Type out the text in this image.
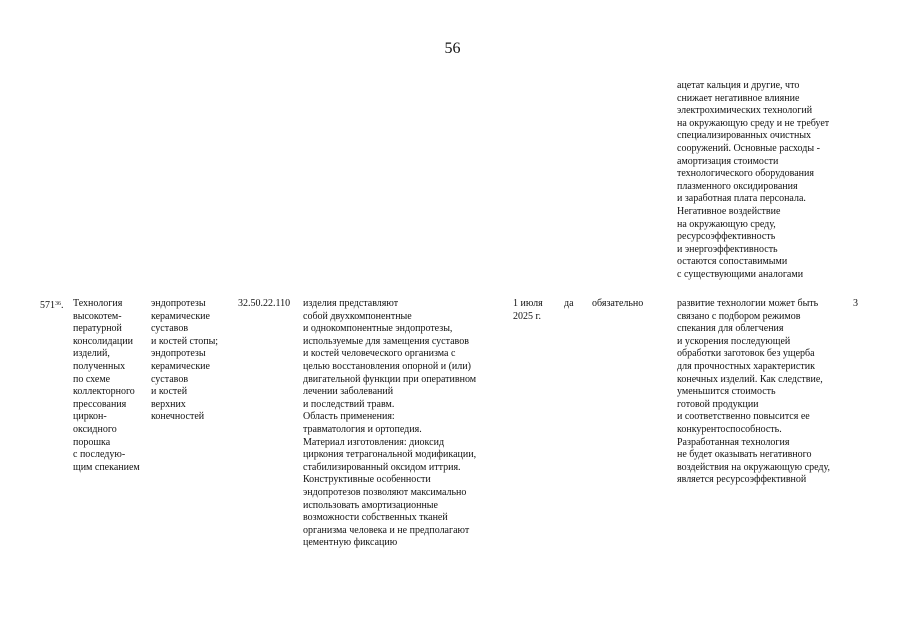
56
ацетат кальция и другие, что
снижает негативное влияние
электрохимических технологий
на окружающую среду и не требует
специализированных очистных
сооружений. Основные расходы -
амортизация стоимости
технологического оборудования
плазменного оксидирования
и заработная плата персонала.
Негативное воздействие
на окружающую среду,
ресурсоэффективность
и энергоэффективность
остаются сопоставимыми
с существующими аналогами
$571^{36}$. Технология
высокотем-
пературной
консолидации
изделий,
полученных
по схеме
коллекторного
прессования
циркон-
оксидного
порошка
с последую-
щим спеканием
эндопротезы
керамические
суставов
и костей стопы;
эндопротезы
керамические
суставов
и костей
верхних
конечностей
32.50.22.110 изделия представляют
собой двухкомпонентные
и однокомпонентные эндопротезы,
используемые для замещения суставов
и костей человеческого организма с
целью восстановления опорной и (или)
двигательной функции при оперативном
лечении заболеваний
и последствий травм.
Область применения:
травматология и ортопедия.
Материал изготовления: диоксид
циркония тетрагональной модификации,
стабилизированный оксидом иттрия.
Конструктивные особенности
эндопротезов позволяют максимально
использовать амортизационные
возможности собственных тканей
организма человека и не предполагают
цементную фиксацию
1 июля
2025 г.
да обязательно	развитие технологии может быть
связано с подбором режимов
спекания для облегчения
и ускорения последующей
обработки заготовок без ущерба
для прочностных характеристик
конечных изделий. Как следствие,
уменьшится стоимость
готовой продукции
и соответственно повысится ее
конкурентоспособность.
Разработанная технология
не будет оказывать негативного
воздействия на окружающую среду,
является ресурсоэффективной
3
